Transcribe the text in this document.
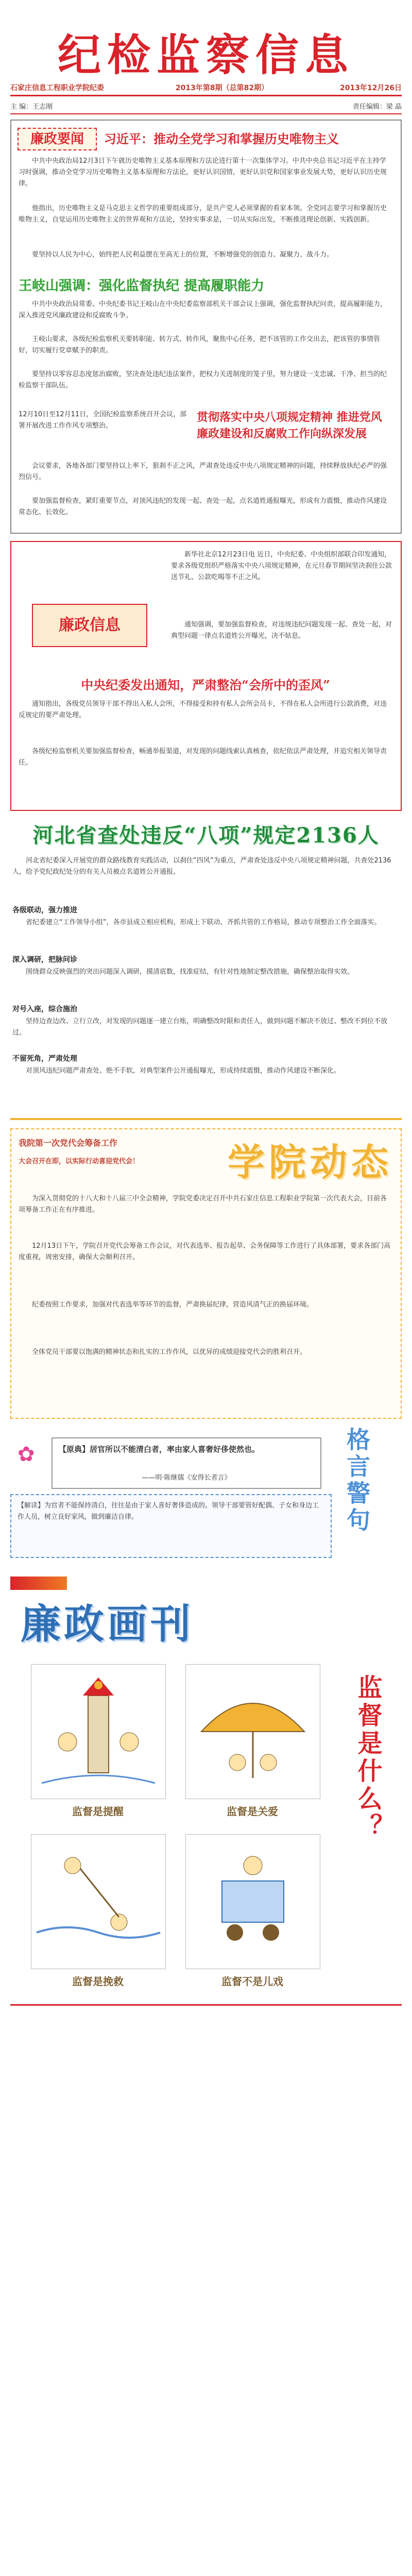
纪检监察信息
石家庄信息工程职业学院纪委	2013年第8期（总第82期）	2013年12月26日
主 编：王志刚	责任编辑：梁 晶
廉政要闻	习近平：推动全党学习和掌握历史唯物主义
中共中央政治局12月3日下午就历史唯物主义基本原理和方法论进行第十一次集体学习。中共中央总书记习近平在主持学习时强调，推动全党学习历史唯物主义基本原理和方法论，更好认识国情，更好认识党和国家事业发展大势，更好认识历史规律。
他指出，历史唯物主义是马克思主义哲学的重要组成部分，是共产党人必须掌握的看家本领。全党同志要学习和掌握历史唯物主义，自觉运用历史唯物主义的世界观和方法论，坚持实事求是，一切从实际出发，不断推进理论创新、实践创新。
要坚持以人民为中心，始终把人民利益摆在至高无上的位置，不断增强党的创造力、凝聚力、战斗力。
王岐山强调：强化监督执纪 提高履职能力
中共中央政治局常委、中央纪委书记王岐山在中央纪委监察部机关干部会议上强调，强化监督执纪问责，提高履职能力，深入推进党风廉政建设和反腐败斗争。
王岐山要求，各级纪检监察机关要转职能、转方式、转作风，聚焦中心任务，把不该管的工作交出去，把该管的事情管好，切实履行党章赋予的职责。
要坚持以零容忍态度惩治腐败，坚决查处违纪违法案件，把权力关进制度的笼子里，努力建设一支忠诚、干净、担当的纪检监察干部队伍。
12月10日至12月11日，全国纪检监察系统召开会议，部署开展改进工作作风专项整治。
贯彻落实中央八项规定精神 推进党风廉政建设和反腐败工作向纵深发展
会议要求，各地各部门要坚持以上率下，狠刹不正之风，严肃查处违反中央八项规定精神的问题，持续释放执纪必严的强烈信号。
要加强监督检查，紧盯重要节点，对顶风违纪的发现一起、查处一起，点名道姓通报曝光，形成有力震慑，推动作风建设常态化、长效化。
廉政信息
新华社北京12月23日电 近日，中央纪委、中央组织部联合印发通知，要求各级党组织严格落实中央八项规定精神，在元旦春节期间坚决刹住公款送节礼、公款吃喝等不正之风。
通知强调，要加强监督检查，对违规违纪问题发现一起、查处一起，对典型问题一律点名道姓公开曝光，决不姑息。
中央纪委发出通知，严肃整治“会所中的歪风”
通知指出，各级党员领导干部不得出入私人会所，不得接受和持有私人会所会员卡，不得在私人会所进行公款消费，对违反规定的要严肃处理。
各级纪检监察机关要加强监督检查，畅通举报渠道，对发现的问题线索认真核查，依纪依法严肃处理，并追究相关领导责任。
河北省查处违反“八项”规定2136人
河北省纪委深入开展党的群众路线教育实践活动，以刹住“四风”为重点，严肃查处违反中央八项规定精神问题，共查处2136人，给予党纪政纪处分的有关人员被点名道姓公开通报。
各级联动，强力推进
省纪委建立“工作领导小组”，各市县成立相应机构，形成上下联动、齐抓共管的工作格局，推动专项整治工作全面落实。
深入调研，把脉问诊
围绕群众反映强烈的突出问题深入调研，摸清底数，找准症结，有针对性地制定整改措施，确保整治取得实效。
对号入座，综合施治
坚持边查边改、立行立改，对发现的问题逐一建立台账，明确整改时限和责任人，做到问题不解决不放过、整改不到位不放过。
不留死角，严肃处理
对顶风违纪问题严肃查处、绝不手软，对典型案件公开通报曝光，形成持续震慑，推动作风建设不断深化。
我院第一次党代会筹备工作	学院动态
大会召开在即，以实际行动喜迎党代会！
为深入贯彻党的十八大和十八届三中全会精神，学院党委决定召开中共石家庄信息工程职业学院第一次代表大会，目前各项筹备工作正在有序推进。
12月13日下午，学院召开党代会筹备工作会议，对代表选举、报告起草、会务保障等工作进行了具体部署，要求各部门高度重视，周密安排，确保大会顺利召开。
纪委按照工作要求，加强对代表选举等环节的监督，严肃换届纪律，营造风清气正的换届环境。
全体党员干部要以饱满的精神状态和扎实的工作作风，以优异的成绩迎接党代会的胜利召开。
✿	【原典】居官所以不能清白者，率由家人喜奢好侈使然也。
——明·陈继儒《安得长者言》	格言警句
【解读】为官者不能保持清白，往往是由于家人喜好奢侈造成的。领导干部要管好配偶、子女和身边工作人员，树立良好家风，做到廉洁自律。
廉政画刊
监督是提醒	监督是关爱
监督是挽救	监督不是儿戏
监督是什么？
